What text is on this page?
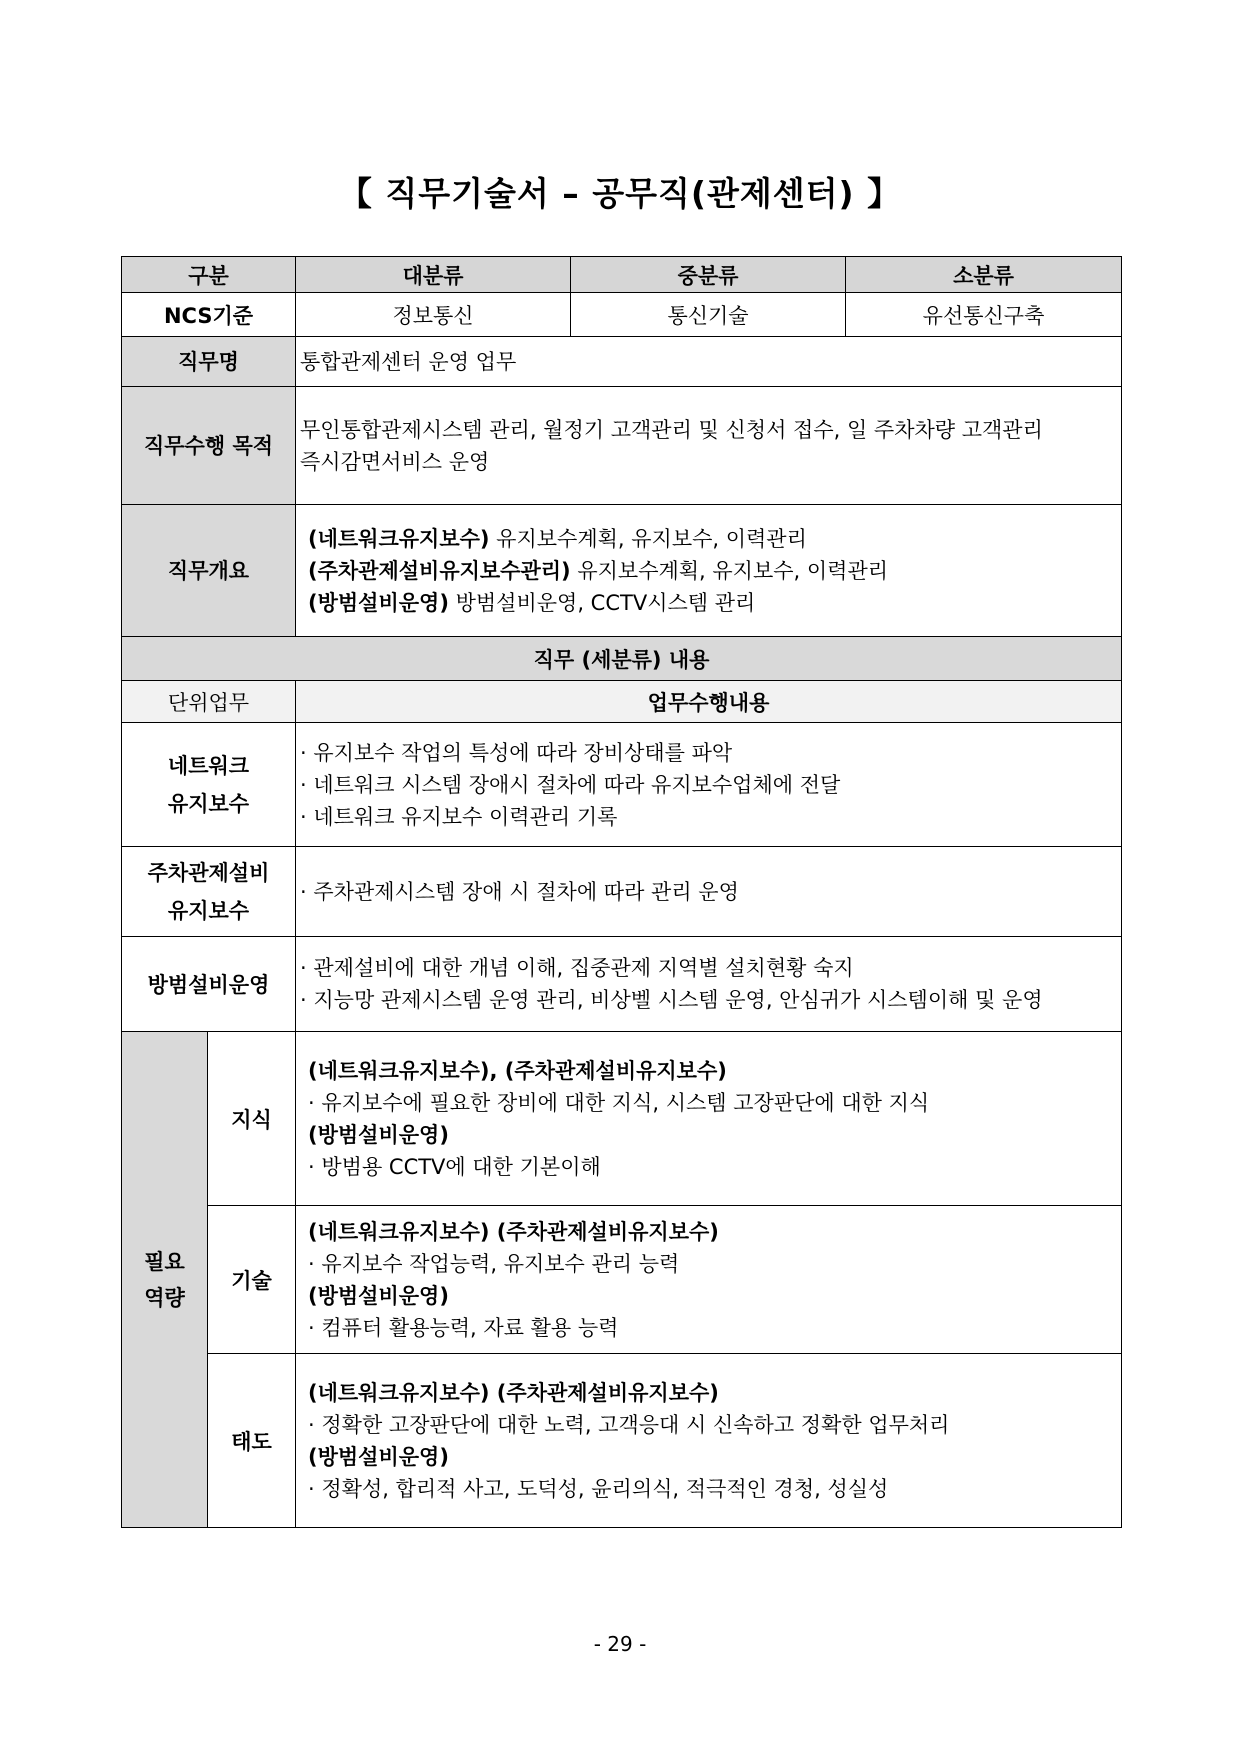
【 직무기술서 – 공무직(관제센터) 】
구분		대분류	중분류	소분류
NCS기준		정보통신	통신기술	유선통신구축
직무명		통합관제센터 운영 업무		
직무수행 목적		무인통합관제시스템 관리, 월정기 고객관리 및 신청서 접수, 일 주차차량 고객관리
즉시감면서비스 운영		

직무개요		(네트워크유지보수) 유지보수계획, 유지보수, 이력관리
(주차관제설비유지보수관리) 유지보수계획, 유지보수, 이력관리
(방범설비운영) 방범설비운영, CCTV시스템 관리		

직무 (세분류) 내용				
단위업무		업무수행내용		

네트워크
유지보수		· 유지보수 작업의 특성에 따라 장비상태를 파악
· 네트워크 시스템 장애시 절차에 따라 유지보수업체에 전달
· 네트워크 유지보수 이력관리 기록

주차관제설비
유지보수		· 주차관제시스템 장애 시 절차에 따라 관리 운영

방범설비운영		· 관제설비에 대한 개념 이해, 집중관제 지역별 설치현황 숙지
· 지능망 관제시스템 운영 관리, 비상벨 시스템 운영, 안심귀가 시스템이해 및 운영

필요
역량	지식	(네트워크유지보수), (주차관제설비유지보수)
· 유지보수에 필요한 장비에 대한 지식, 시스템 고장판단에 대한 지식
(방범설비운영)
· 방범용 CCTV에 대한 기본이해

	기술	(네트워크유지보수) (주차관제설비유지보수)
· 유지보수 작업능력, 유지보수 관리 능력
(방범설비운영)
· 컴퓨터 활용능력, 자료 활용 능력

	태도	(네트워크유지보수) (주차관제설비유지보수)
· 정확한 고장판단에 대한 노력, 고객응대 시 신속하고 정확한 업무처리
(방범설비운영)
· 정확성, 합리적 사고, 도덕성, 윤리의식, 적극적인 경청, 성실성
- 29 -
